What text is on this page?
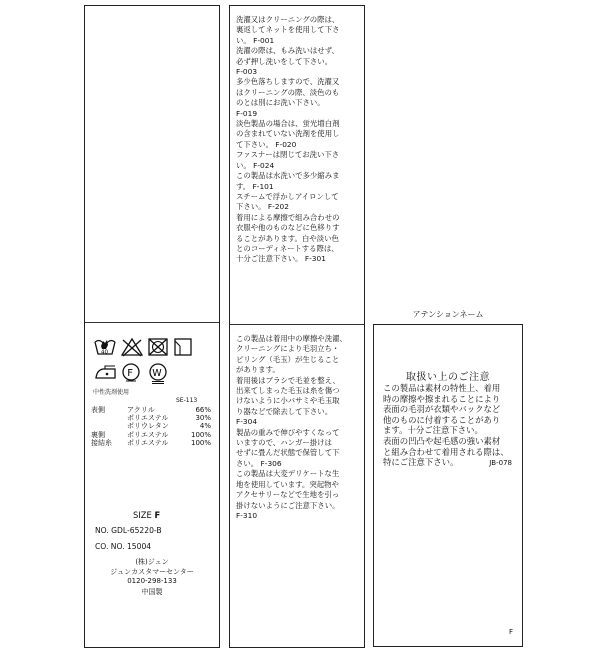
40
F W
中性洗剤使用
SE-113
表側	アクリル	66%
ポリエステル	30%
ポリウレタン	4%
裏側	ポリエステル	100%
接結糸	ポリエステル	100%
SIZE F
NO. GDL-65220-B
CO. NO. 15004
(株)ジュン
ジュンカスタマーセンター
0120-298-133
中国製
洗濯又はクリーニングの際は、
裏返してネットを使用して下さ
い。 F-001
洗濯の際は、もみ洗いはせず、
必ず押し洗いをして下さい。
F-003
多少色落ちしますので、洗濯又
はクリーニングの際、淡色のも
のとは別にお洗い下さい。
F-019
淡色製品の場合は、蛍光増白剤
の含まれていない洗剤を使用し
て下さい。 F-020
ファスナーは閉じてお洗い下さ
い。 F-024
この製品は水洗いで多少縮みま
す。 F-101
スチームで浮かしアイロンして
下さい。 F-202
着用による摩擦で組み合わせの
衣服や他のものなどに色移りす
ることがあります。白や淡い色
とのコーディネートする際は、
十分ご注意下さい。 F-301
この製品は着用中の摩擦や洗濯、
クリーニングにより毛羽立ち・
ピリング（毛玉）が生じること
があります。
着用後はブラシで毛並を整え、
出来てしまった毛玉は糸を傷つ
けないように小バサミや毛玉取
り器などで除去して下さい。
F-304
製品の重みで伸びやすくなって
いますので、ハンガー掛けは
せずに畳んだ状態で保管して下
さい。 F-306
この製品は大変デリケートな生
地を使用しています。突起物や
アクセサリーなどで生地を引っ
掛けないようにご注意下さい。
F-310
アテンションネーム
取扱い上のご注意
この製品は素材の特性上、着用
時の摩擦や擦まれることにより
表面の毛羽が衣類やバックなど
他のものに付着することがあり
ます。十分ご注意下さい。
表面の凹凸や起毛感の強い素材
と組み合わせて着用される際は、
特にご注意下さい。	JB-078
F
